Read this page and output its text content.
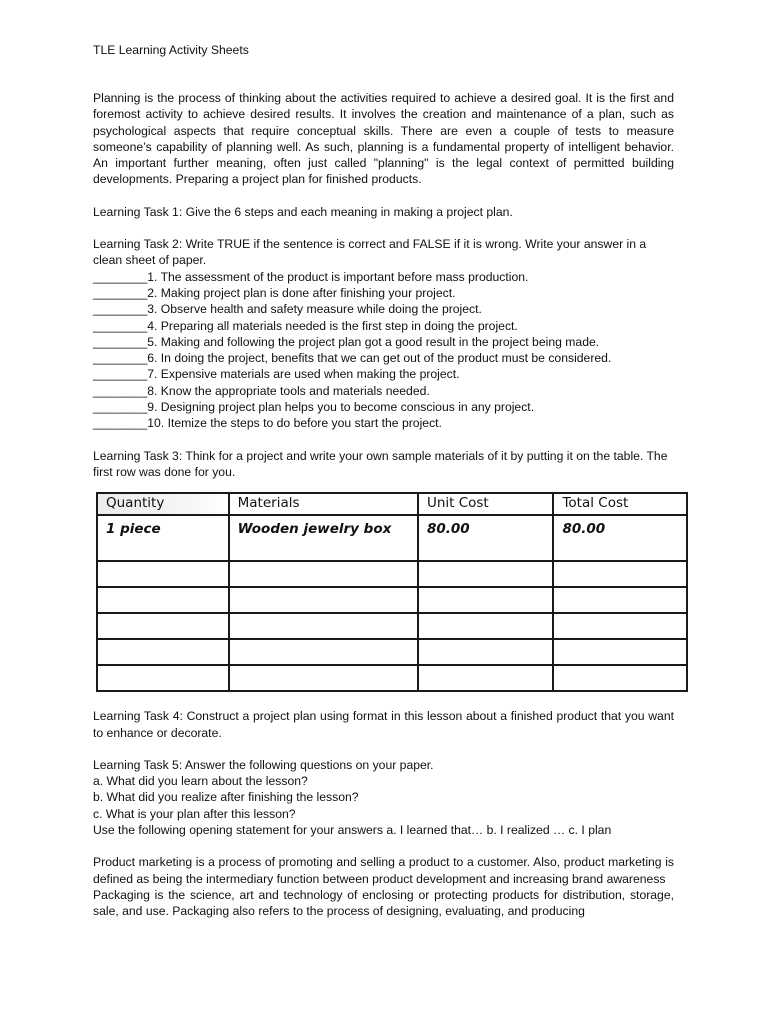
TLE Learning Activity Sheets

Planning is the process of thinking about the activities required to achieve a desired goal. It is the first and foremost activity to achieve desired results. It involves the creation and maintenance of a plan, such as psychological aspects that require conceptual skills. There are even a couple of tests to measure someone’s capability of planning well. As such, planning is a fundamental property of intelligent behavior. An important further meaning, often just called "planning" is the legal context of permitted building developments. Preparing a project plan for finished products.

Learning Task 1: Give the 6 steps and each meaning in making a project plan.

Learning Task 2: Write TRUE if the sentence is correct and FALSE if it is wrong. Write your answer in a clean sheet of paper.

________1. The assessment of the product is important before mass production.

________2. Making project plan is done after finishing your project.

________3. Observe health and safety measure while doing the project.

________4. Preparing all materials needed is the first step in doing the project.

________5. Making and following the project plan got a good result in the project being made.

________6. In doing the project, benefits that we can get out of the product must be considered.

________7. Expensive materials are used when making the project.

________8. Know the appropriate tools and materials needed.

________9. Designing project plan helps you to become conscious in any project.

________10. Itemize the steps to do before you start the project.

Learning Task 3: Think for a project and write your own sample materials of it by putting it on the table. The first row was done for you.

Quantity	Materials	Unit Cost	Total Cost
1 piece	Wooden jewelry box	80.00	80.00

Learning Task 4: Construct a project plan using format in this lesson about a finished product that you want to enhance or decorate.

Learning Task 5: Answer the following questions on your paper.

a. What did you learn about the lesson?

b. What did you realize after finishing the lesson?

c. What is your plan after this lesson?

Use the following opening statement for your answers a. I learned that… b. I realized … c. I plan

Product marketing is a process of promoting and selling a product to a customer. Also, product marketing is defined as being the intermediary function between product development and increasing brand awareness

Packaging is the science, art and technology of enclosing or protecting products for distribution, storage, sale, and use. Packaging also refers to the process of designing, evaluating, and producing
